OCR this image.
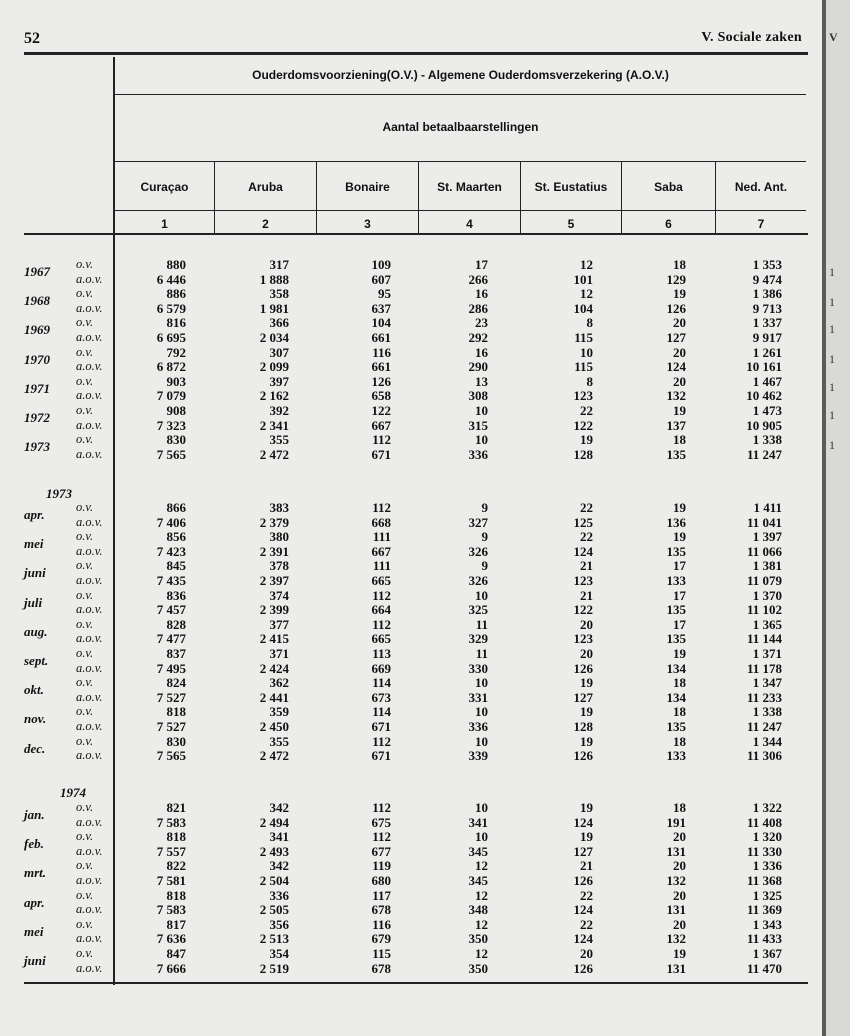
52	V. Sociale zaken
Ouderdomsvoorziening(O.V.) - Algemene Ouderdomsverzekering (A.O.V.)
Aantal betaalbaarstellingen
Curaçao	Aruba	Bonaire	St. Maarten	St. Eustatius	Saba	Ned. Ant.
1	2	3	4	5	6	7
1973
1974
1967 o.v.	880	317	109	17	12	18	1 353
a.o.v.	6 446	1 888	607	266	101	129	9 474
1968 o.v.	886	358	95	16	12	19	1 386
a.o.v.	6 579	1 981	637	286	104	126	9 713
1969 o.v.	816	366	104	23	8	20	1 337
a.o.v.	6 695	2 034	661	292	115	127	9 917
1970 o.v.	792	307	116	16	10	20	1 261
a.o.v.	6 872	2 099	661	290	115	124	10 161
1971 o.v.	903	397	126	13	8	20	1 467
a.o.v.	7 079	2 162	658	308	123	132	10 462
1972 o.v.	908	392	122	10	22	19	1 473
a.o.v.	7 323	2 341	667	315	122	137	10 905
1973 o.v.	830	355	112	10	19	18	1 338
a.o.v.	7 565	2 472	671	336	128	135	11 247
apr.	o.v.	866	383	112	9	22	19	1 411
a.o.v.	7 406	2 379	668	327	125	136	11 041
mei	o.v.	856	380	111	9	22	19	1 397
a.o.v.	7 423	2 391	667	326	124	135	11 066
juni o.v.	845	378	111	9	21	17	1 381
a.o.v.	7 435	2 397	665	326	123	133	11 079
juli	o.v.	836	374	112	10	21	17	1 370
a.o.v.	7 457	2 399	664	325	122	135	11 102
aug. o.v.	828	377	112	11	20	17	1 365
a.o.v.	7 477	2 415	665	329	123	135	11 144
sept. o.v.	837	371	113	11	20	19	1 371
a.o.v.	7 495	2 424	669	330	126	134	11 178
okt.	o.v.	824	362	114	10	19	18	1 347
a.o.v.	7 527	2 441	673	331	127	134	11 233
nov. o.v.	818	359	114	10	19	18	1 338
a.o.v.	7 527	2 450	671	336	128	135	11 247
dec. o.v.	830	355	112	10	19	18	1 344
a.o.v.	7 565	2 472	671	339	126	133	11 306
jan.	o.v.	821	342	112	10	19	18	1 322
a.o.v.	7 583	2 494	675	341	124	191	11 408
feb.	o.v.	818	341	112	10	19	20	1 320
a.o.v.	7 557	2 493	677	345	127	131	11 330
mrt. o.v.	822	342	119	12	21	20	1 336
a.o.v.	7 581	2 504	680	345	126	132	11 368
apr.	o.v.	818	336	117	12	22	20	1 325
a.o.v.	7 583	2 505	678	348	124	131	11 369
mei	o.v.	817	356	116	12	22	20	1 343
a.o.v.	7 636	2 513	679	350	124	132	11 433
juni o.v.	847	354	115	12	20	19	1 367
a.o.v.	7 666	2 519	678	350	126	131	11 470
V
1
1
1
1
1
1
1
